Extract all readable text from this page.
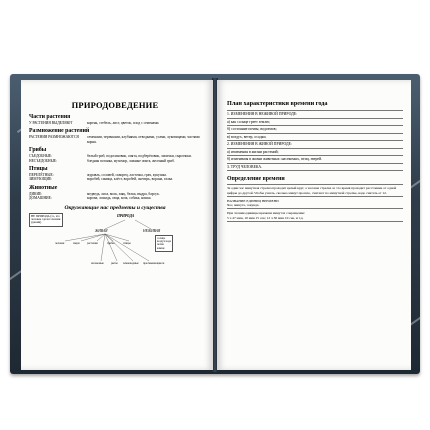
ПРИРОДОВЕДЕНИЕ
Части растения
У РАСТЕНИЯ ВЫДЕЛЯЮТ	корень, стебель, лист, цветок, плод с семенами.
Размножение растений
РАСТЕНИЯ РАЗМНОЖАЮТСЯ	семенами, черенками, клубнями, отводками, усами, луковицами, частями корня.
Грибы
СЪЕДОБНЫЕ:	белый гриб, подосиновик, опята, подберёзовик, лисички, сыроежки.
НЕСЪЕДОБНЫЕ:	бледная поганка, мухомор, ложные опята, желчный гриб.
Птицы
ПЕРЕЛЁТНЫЕ:	журавль, соловей, скворец, ласточка, грач, кукушка.
ЗИМУЮЩИЕ:	воробей, синица, клёст, воробей, снегирь, ворона, галка.
Животные
ДИКИЕ:	медведь, лиса, волк, заяц, белка, выдра, барсук.
ДОМАШНИЕ:	корова, лошадь, овца, коза, собака, кошка.
Окружающие нас предметы и существа
НЕ ПРИРОДА (то, что человек сделал своими руками)
ПРИРОДА
ЖИВАЯ	НЕЖИВАЯ
солнце воздух вода почва камни
человек	звери	растения	грибы	птицы
насекомые	рыбы земноводные пресмыкающиеся
План характеристики времени года
1. ИЗМЕНЕНИЯ В НЕЖИВОЙ ПРИРОДЕ:
а) как солнце греет землю;
б) состояние почвы, водоемов;
в) воздух, ветер, осадки.
2. ИЗМЕНЕНИЯ В ЖИВОЙ ПРИРОДЕ:
а) изменения в жизни растений;
б) изменения в жизни животных: насекомых, птиц, зверей.
3. ТРУД ЧЕЛОВЕКА.
Определение времени
За один час минутная стрелка проходит целый круг, а часовая стрелка за это время проходит расстояние от одной цифры до другой. Чтобы узнать, сколько минут прошло, считают по минутной стрелке, надо считать от 12.
НАЗВАНИЕ ЕДИНИЦ ВРЕМЕНИ
Час, минута, секунда.
При чтении единицы времени минутах сокращение:
5 ч 47 мин, 10 мин 15 сек; 12 ч 30 мин 10 сек, и т.д.
